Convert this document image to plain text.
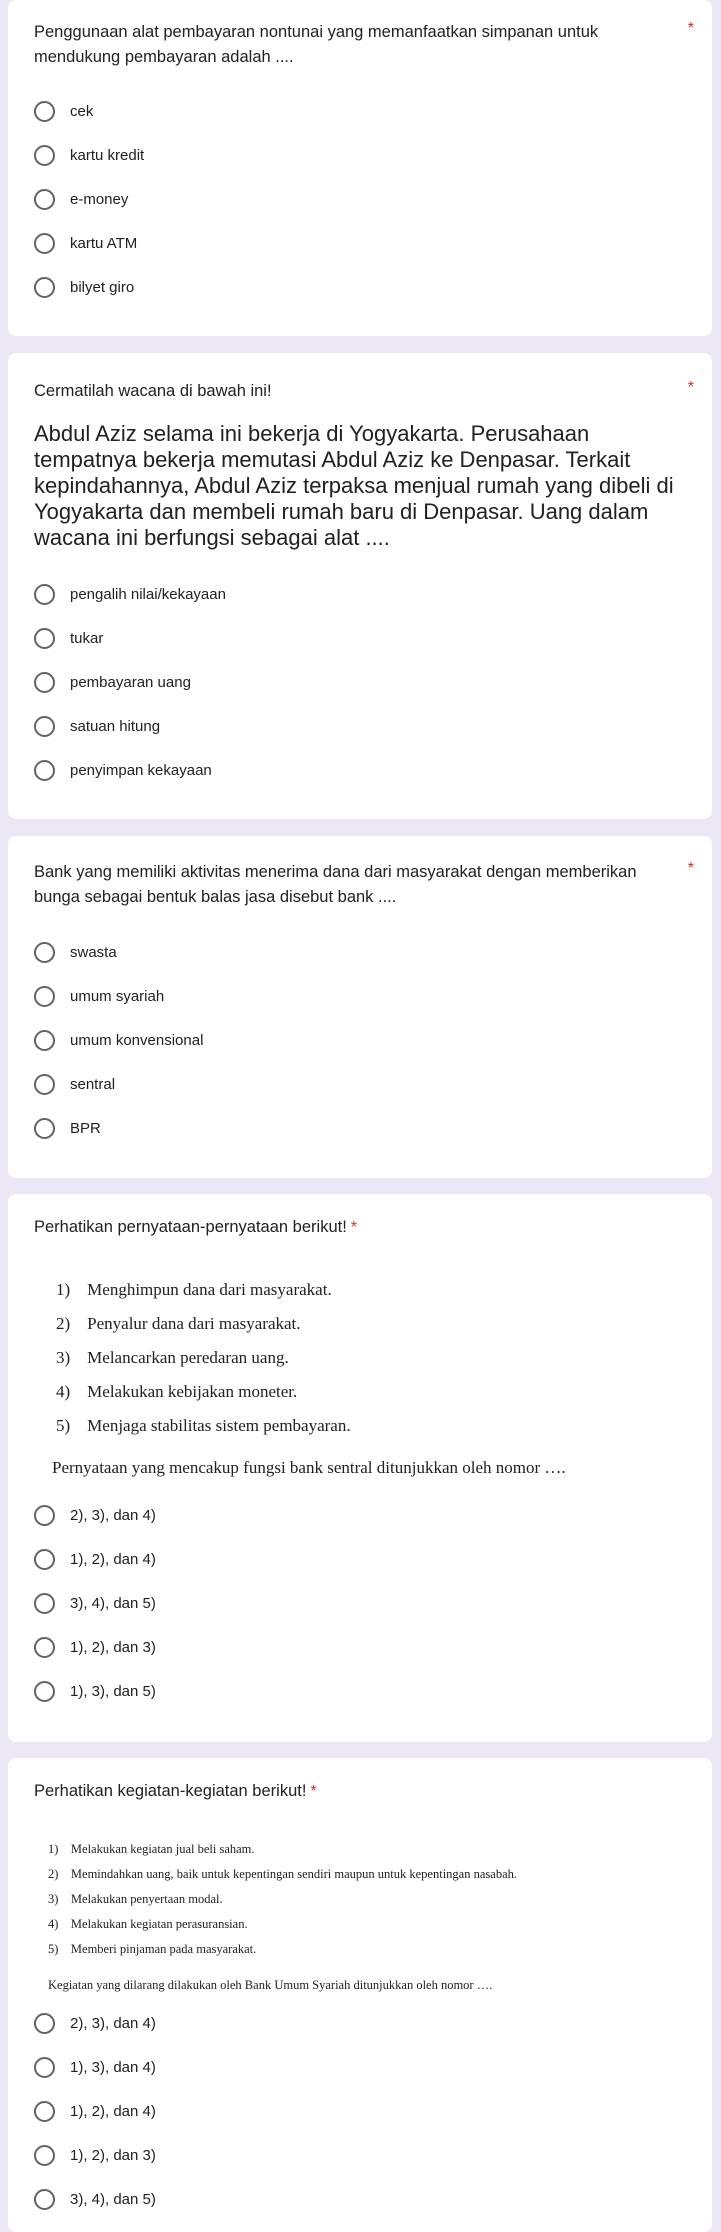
Penggunaan alat pembayaran nontunai yang memanfaatkan simpanan untuk mendukung pembayaran adalah ....
*
cek
kartu kredit
e-money
kartu ATM
bilyet giro
Cermatilah wacana di bawah ini!	*
Abdul Aziz selama ini bekerja di Yogyakarta. Perusahaan tempatnya bekerja memutasi Abdul Aziz ke Denpasar. Terkait kepindahannya, Abdul Aziz terpaksa menjual rumah yang dibeli di Yogyakarta dan membeli rumah baru di Denpasar. Uang dalam wacana ini berfungsi sebagai alat ....
pengalih nilai/kekayaan
tukar
pembayaran uang
satuan hitung
penyimpan kekayaan
Bank yang memiliki aktivitas menerima dana dari masyarakat dengan memberikan bunga sebagai bentuk balas jasa disebut bank ....
*
swasta
umum syariah
umum konvensional
sentral
BPR
Perhatikan pernyataan-pernyataan berikut! *
1)    Menghimpun dana dari masyarakat.
2)    Penyalur dana dari masyarakat.
3)    Melancarkan peredaran uang.
4)    Melakukan kebijakan moneter.
5)    Menjaga stabilitas sistem pembayaran.
Pernyataan yang mencakup fungsi bank sentral ditunjukkan oleh nomor ….
2), 3), dan 4)
1), 2), dan 4)
3), 4), dan 5)
1), 2), dan 3)
1), 3), dan 5)
Perhatikan kegiatan-kegiatan berikut! *
1)    Melakukan kegiatan jual beli saham.
2)    Memindahkan uang, baik untuk kepentingan sendiri maupun untuk kepentingan nasabah.
3)    Melakukan penyertaan modal.
4)    Melakukan kegiatan perasuransian.
5)    Memberi pinjaman pada masyarakat.
Kegiatan yang dilarang dilakukan oleh Bank Umum Syariah ditunjukkan oleh nomor ….
2), 3), dan 4)
1), 3), dan 4)
1), 2), dan 4)
1), 2), dan 3)
3), 4), dan 5)
